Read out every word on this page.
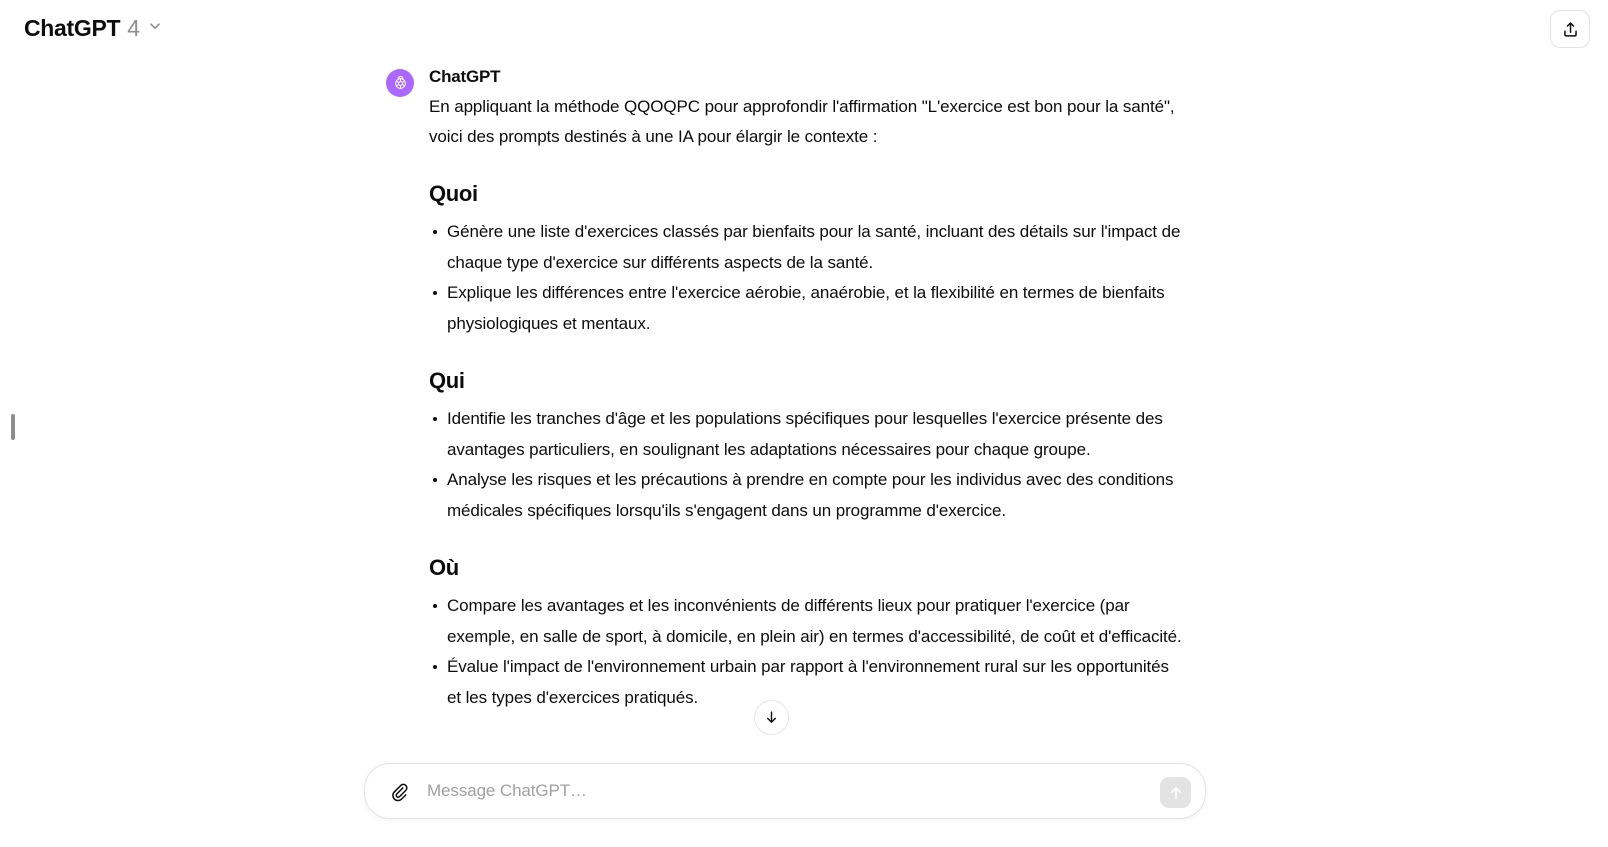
ChatGPT 4
ChatGPT
En appliquant la méthode QQOQPC pour approfondir l'affirmation "L'exercice est bon pour la santé", voici des prompts destinés à une IA pour élargir le contexte :
Quoi
Génère une liste d'exercices classés par bienfaits pour la santé, incluant des détails sur l'impact de chaque type d'exercice sur différents aspects de la santé.
Explique les différences entre l'exercice aérobie, anaérobie, et la flexibilité en termes de bienfaits physiologiques et mentaux.
Qui
Identifie les tranches d'âge et les populations spécifiques pour lesquelles l'exercice présente des avantages particuliers, en soulignant les adaptations nécessaires pour chaque groupe.
Analyse les risques et les précautions à prendre en compte pour les individus avec des conditions médicales spécifiques lorsqu'ils s'engagent dans un programme d'exercice.
Où
Compare les avantages et les inconvénients de différents lieux pour pratiquer l'exercice (par exemple, en salle de sport, à domicile, en plein air) en termes d'accessibilité, de coût et d'efficacité.
Évalue l'impact de l'environnement urbain par rapport à l'environnement rural sur les opportunités et les types d'exercices pratiqués.
Message ChatGPT…
